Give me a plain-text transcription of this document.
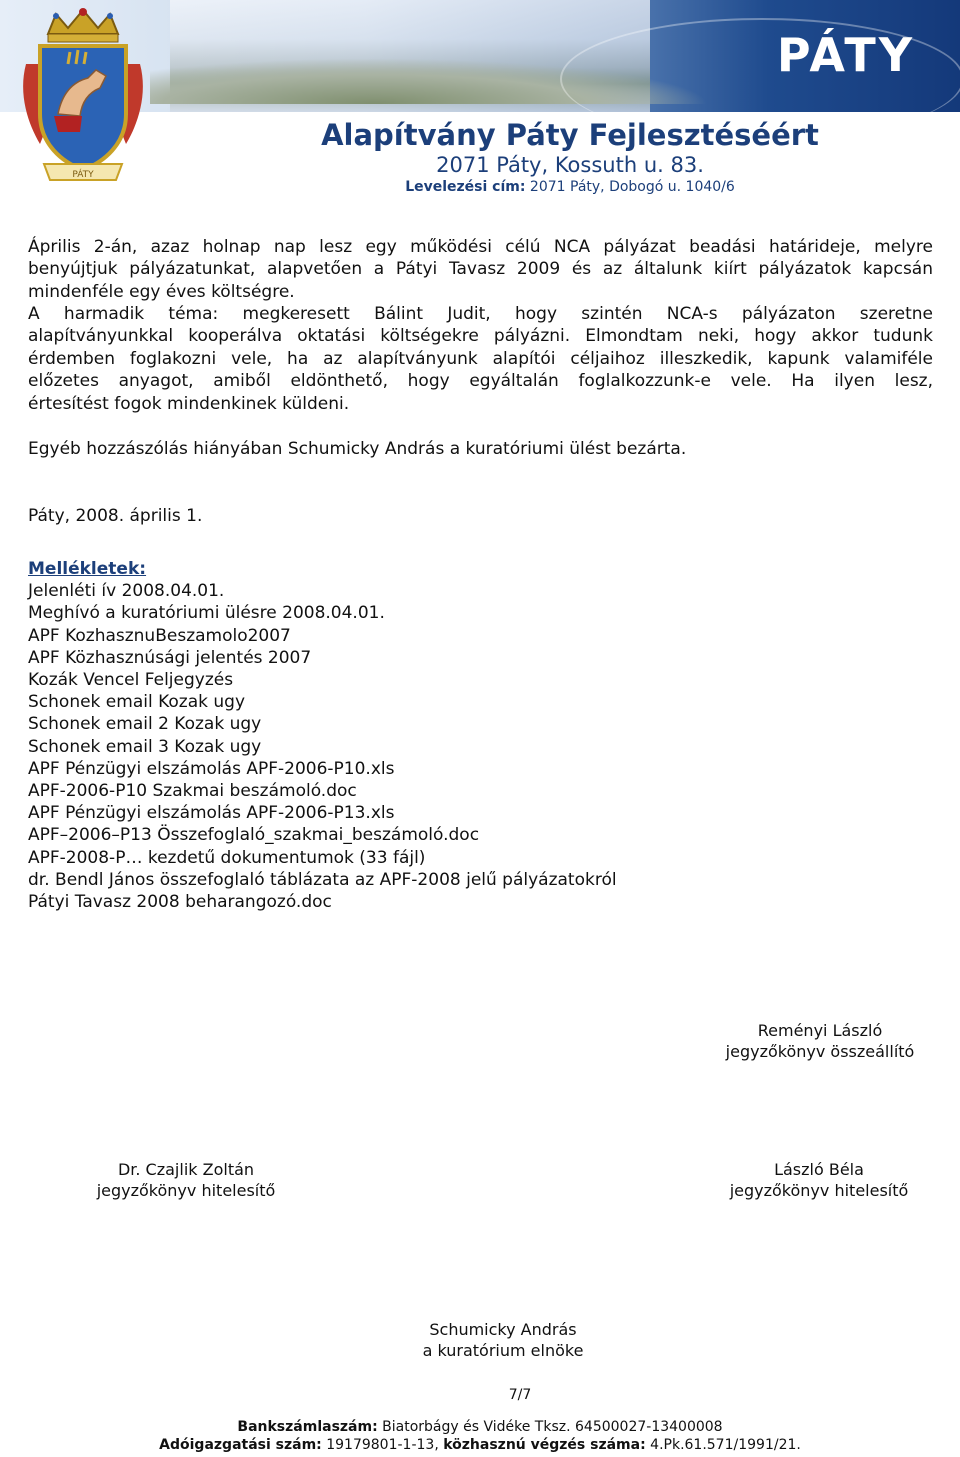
PÁTY
PÁTY
Alapítvány Páty Fejlesztéséért
2071 Páty, Kossuth u. 83.
Levelezési cím: 2071 Páty, Dobogó u. 1040/6
Április 2-án, azaz holnap nap lesz egy működési célú NCA pályázat beadási határideje, melyre
benyújtjuk pályázatunkat, alapvetően a Pátyi Tavasz 2009 és az általunk kiírt pályázatok kapcsán
mindenféle egy éves költségre.
A harmadik téma: megkeresett Bálint Judit, hogy szintén NCA-s pályázaton szeretne
alapítványunkkal kooperálva oktatási költségekre pályázni. Elmondtam neki, hogy akkor tudunk
érdemben foglakozni vele, ha az alapítványunk alapítói céljaihoz illeszkedik, kapunk valamiféle
előzetes anyagot, amiből eldönthető, hogy egyáltalán foglalkozzunk-e vele. Ha ilyen lesz,
értesítést fogok mindenkinek küldeni.
Egyéb hozzászólás hiányában Schumicky András a kuratóriumi ülést bezárta.
Páty, 2008. április 1.
Mellékletek:
Jelenléti ív 2008.04.01.
Meghívó a kuratóriumi ülésre 2008.04.01.
APF KozhasznuBeszamolo2007
APF Közhasznúsági jelentés 2007
Kozák Vencel Feljegyzés
Schonek email Kozak ugy
Schonek email 2 Kozak ugy
Schonek email 3 Kozak ugy
APF Pénzügyi elszámolás APF-2006-P10.xls
APF-2006-P10 Szakmai beszámoló.doc
APF Pénzügyi elszámolás APF-2006-P13.xls
APF–2006–P13 Összefoglaló_szakmai_beszámoló.doc
APF-2008-P… kezdetű dokumentumok (33 fájl)
dr. Bendl János összefoglaló táblázata az APF-2008 jelű pályázatokról
Pátyi Tavasz 2008 beharangozó.doc
Reményi László
jegyzőkönyv összeállító
Dr. Czajlik Zoltán
jegyzőkönyv hitelesítő
László Béla
jegyzőkönyv hitelesítő
Schumicky András
a kuratórium elnöke
7/7
Bankszámlaszám: Biatorbágy és Vidéke Tksz. 64500027-13400008
Adóigazgatási szám: 19179801-1-13, közhasznú végzés száma: 4.Pk.61.571/1991/21.
